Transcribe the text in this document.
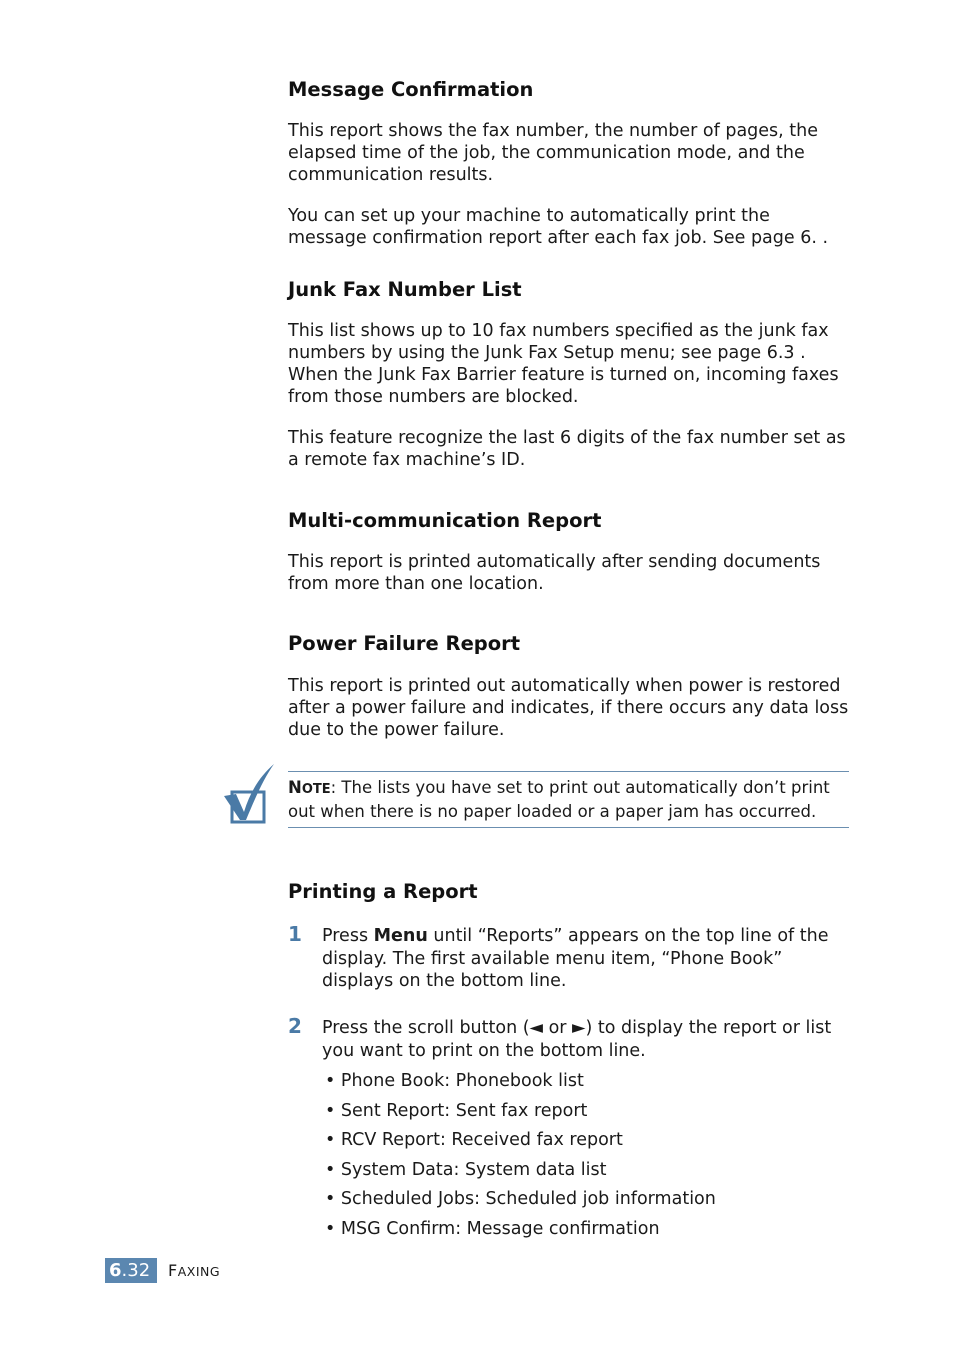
Message Confirmation

This report shows the fax number, the number of pages, the elapsed time of the job, the communication mode, and the communication results.

You can set up your machine to automatically print the message confirmation report after each fax job. See page 6. .

Junk Fax Number List

This list shows up to 10 fax numbers specified as the junk fax numbers by using the Junk Fax Setup menu; see page 6.3 . When the Junk Fax Barrier feature is turned on, incoming faxes from those numbers are blocked.

This feature recognize the last 6 digits of the fax number set as a remote fax machine’s ID.

Multi-communication Report

This report is printed automatically after sending documents from more than one location.

Power Failure Report

This report is printed out automatically when power is restored after a power failure and indicates, if there occurs any data loss due to the power failure.

NOTE: The lists you have set to print out automatically don’t print out when there is no paper loaded or a paper jam has occurred.
Printing a Report
1 Press Menu until “Reports” appears on the top line of the display. The first available menu item, “Phone Book” displays on the bottom line.
2 Press the scroll button (◄ or ►) to display the report or list you want to print on the bottom line.
• Phone Book: Phonebook list
• Sent Report: Sent fax report
• RCV Report: Received fax report
• System Data: System data list
• Scheduled Jobs: Scheduled job information
• MSG Confirm: Message confirmation
6.32	FAXING
